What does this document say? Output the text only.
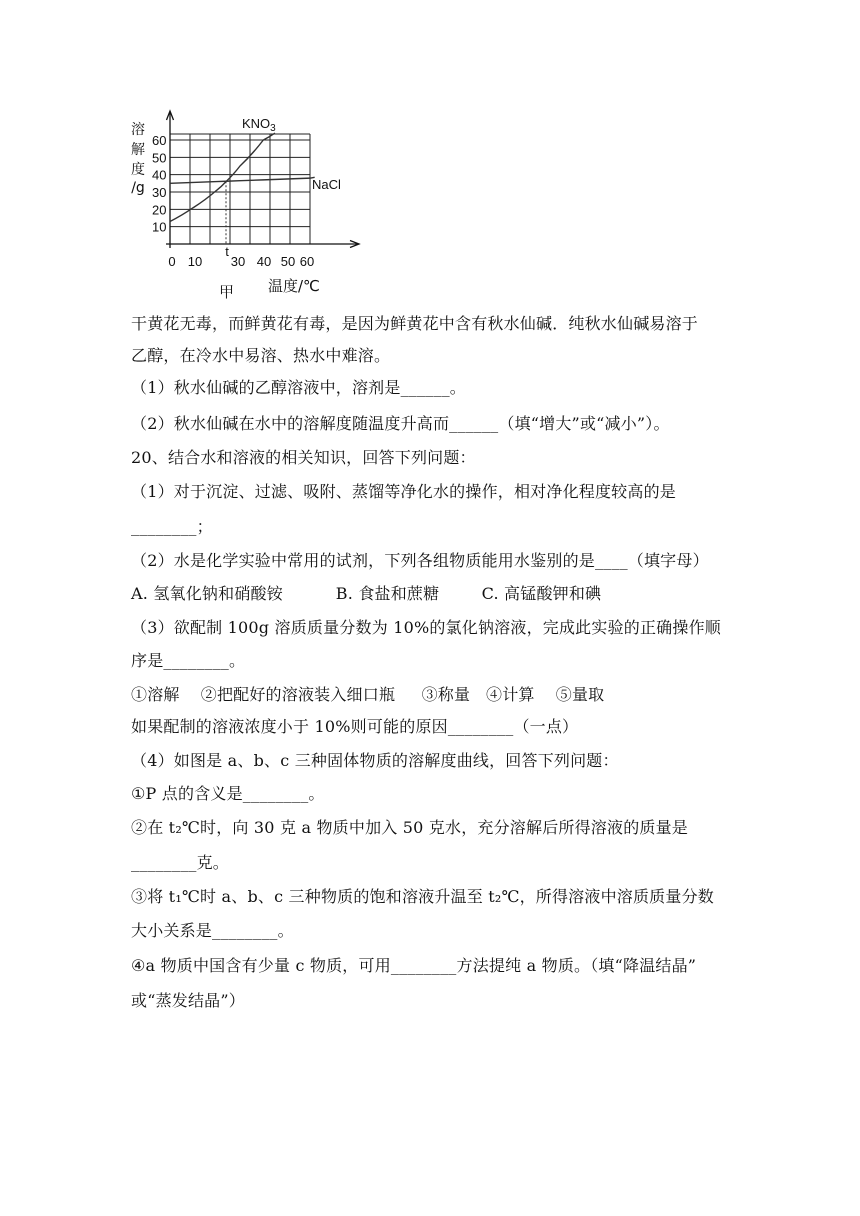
60
50
40
30
20
10
0 10
t
30 40 50 60
溶
解
度
/g
温度/℃
$KNO_3$
NaCl
甲
干黄花无毒，而鲜黄花有毒，是因为鲜黄花中含有秋水仙碱．纯秋水仙碱易溶于
乙醇，在冷水中易溶、热水中难溶。
（1）秋水仙碱的乙醇溶液中，溶剂是______。
（2）秋水仙碱在水中的溶解度随温度升高而______（填“增大”或“减小”）。
20、结合水和溶液的相关知识，回答下列问题：
（1）对于沉淀、过滤、吸附、蒸馏等净化水的操作，相对净化程度较高的是
________；
（2）水是化学实验中常用的试剂，下列各组物质能用水鉴别的是____（填字母）
A. 氢氧化钠和硝酸铵          B. 食盐和蔗糖        C. 高锰酸钾和碘
（3）欲配制 100g 溶质质量分数为 10%的氯化钠溶液，完成此实验的正确操作顺
序是________。
①溶解    ②把配好的溶液装入细口瓶     ③称量   ④计算    ⑤量取
如果配制的溶液浓度小于 10%则可能的原因________（一点）
（4）如图是 a、b、c 三种固体物质的溶解度曲线，回答下列问题：
①P 点的含义是________。
②在 t₂℃时，向 30 克 a 物质中加入 50 克水，充分溶解后所得溶液的质量是
________克。
③将 t₁℃时 a、b、c 三种物质的饱和溶液升温至 t₂℃，所得溶液中溶质质量分数
大小关系是________。
④a 物质中国含有少量 c 物质，可用________方法提纯 a 物质。（填“降温结晶”
或“蒸发结晶”）
